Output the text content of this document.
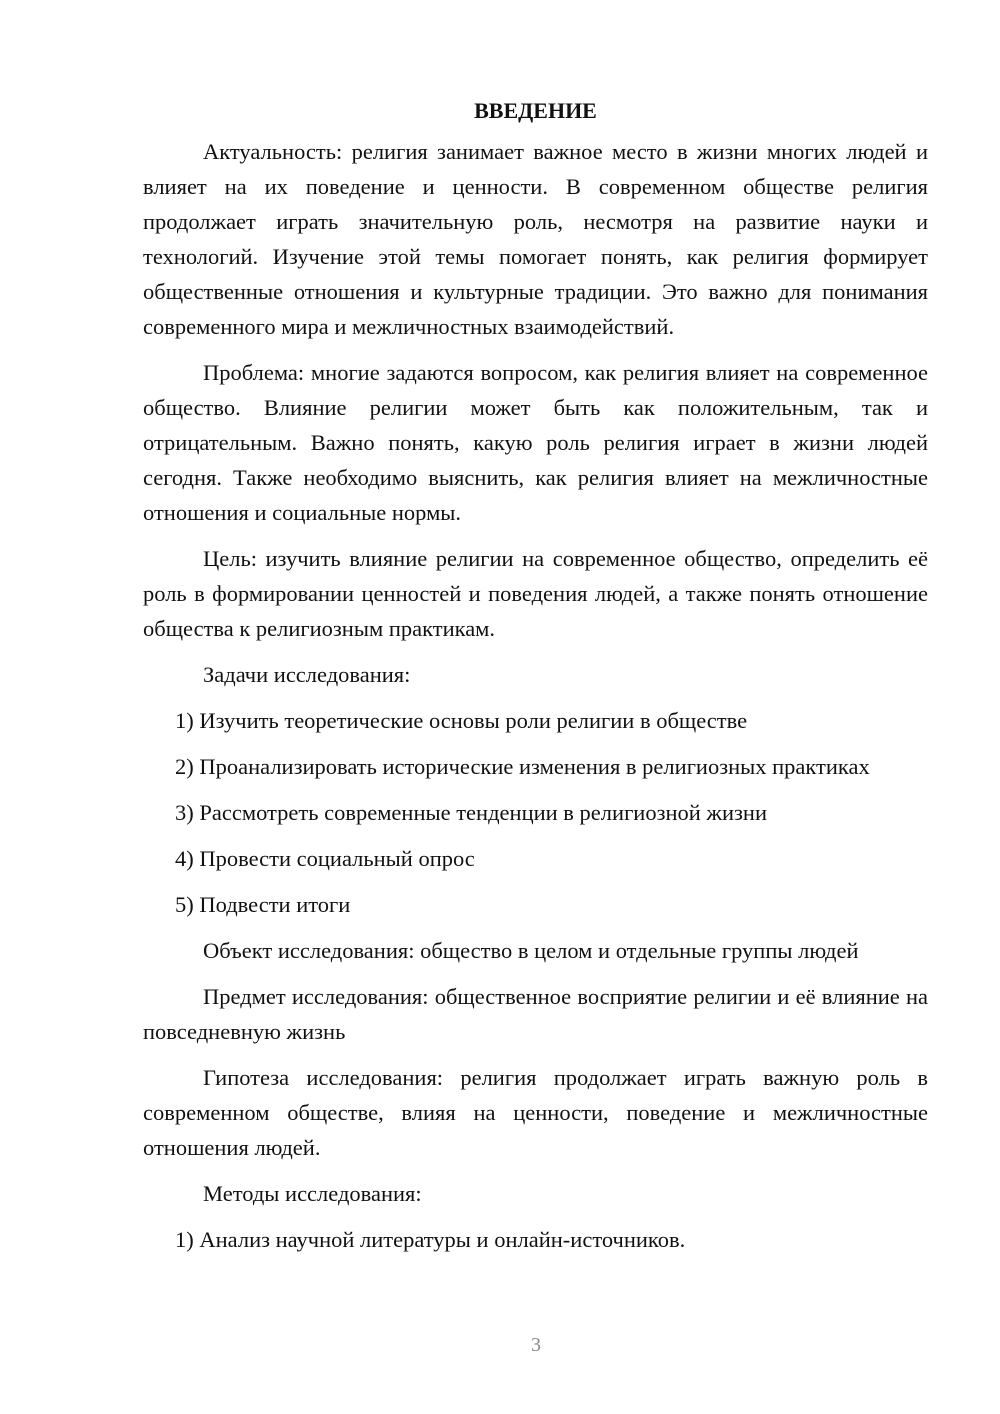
ВВЕДЕНИЕ

Актуальность: религия занимает важное место в жизни многих людей и влияет на их поведение и ценности. В современном обществе религия продолжает играть значительную роль, несмотря на развитие науки и технологий. Изучение этой темы помогает понять, как религия формирует общественные отношения и культурные традиции. Это важно для понимания современного мира и межличностных взаимодействий.

Проблема: многие задаются вопросом, как религия влияет на современное общество. Влияние религии может быть как положительным, так и отрицательным. Важно понять, какую роль религия играет в жизни людей сегодня. Также необходимо выяснить, как религия влияет на межличностные отношения и социальные нормы.

Цель: изучить влияние религии на современное общество, определить её роль в формировании ценностей и поведения людей, а также понять отношение общества к религиозным практикам.

Задачи исследования:

1) Изучить теоретические основы роли религии в обществе

2) Проанализировать исторические изменения в религиозных практиках

3) Рассмотреть современные тенденции в религиозной жизни

4) Провести социальный опрос

5) Подвести итоги

Объект исследования: общество в целом и отдельные группы людей

Предмет исследования: общественное восприятие религии и её влияние на повседневную жизнь

Гипотеза исследования: религия продолжает играть важную роль в современном обществе, влияя на ценности, поведение и межличностные отношения людей.

Методы исследования:

1) Анализ научной литературы и онлайн-источников.

3
